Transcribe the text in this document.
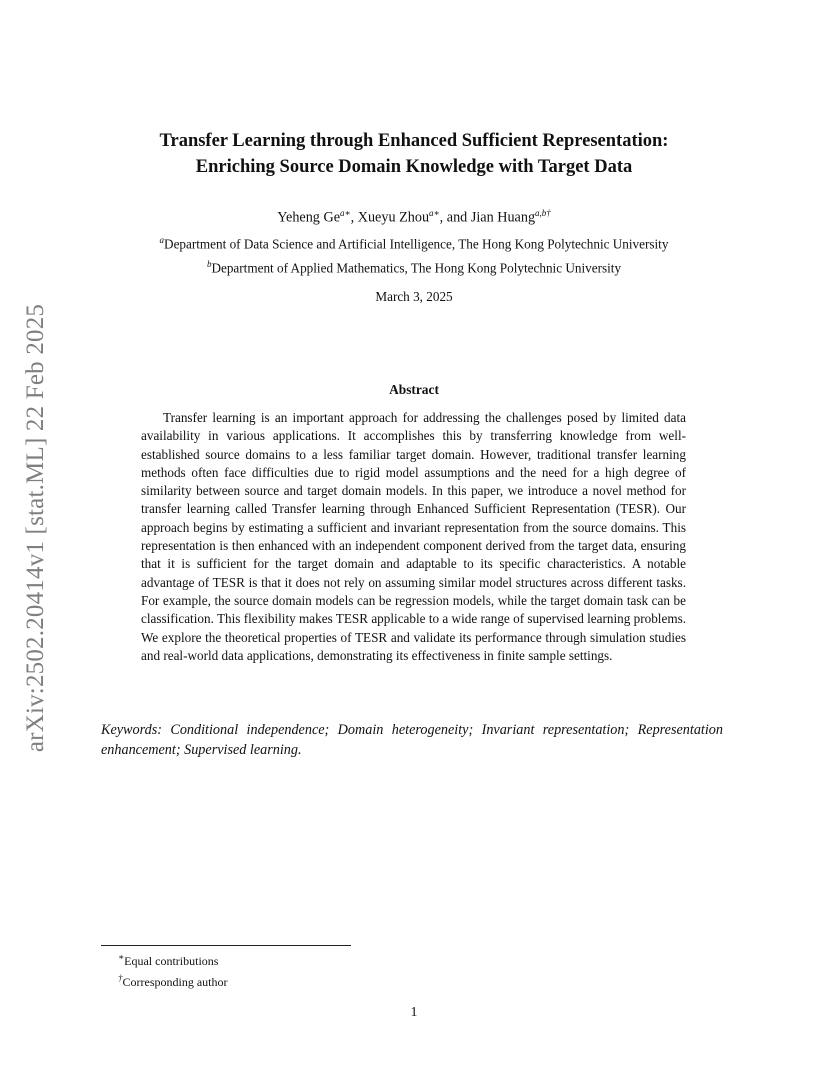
arXiv:2502.20414v1 [stat.ML] 22 Feb 2025
Transfer Learning through Enhanced Sufficient Representation:
Enriching Source Domain Knowledge with Target Data
Yeheng $Ge^{a∗}$, Xueyu Zhou$^{a∗}$, and Jian Huang$^{a,b\dagger}$
$^a$Department of Data Science and Artificial Intelligence, The Hong Kong Polytechnic University
$^b$Department of Applied Mathematics, The Hong Kong Polytechnic University
March 3, 2025
Abstract

Transfer learning is an important approach for addressing the challenges posed by limited data availability in various applications. It accomplishes this by transferring knowledge from well-established source domains to a less familiar target domain. However, traditional transfer learning methods often face difficulties due to rigid model assumptions and the need for a high degree of similarity between source and target domain models. In this paper, we introduce a novel method for transfer learning called Transfer learning through Enhanced Sufficient Representation (TESR). Our approach begins by estimating a sufficient and invariant representation from the source domains. This representation is then enhanced with an independent component derived from the target data, ensuring that it is sufficient for the target domain and adaptable to its specific characteristics. A notable advantage of TESR is that it does not rely on assuming similar model structures across different tasks. For example, the source domain models can be regression models, while the target domain task can be classification. This flexibility makes TESR applicable to a wide range of supervised learning problems. We explore the theoretical properties of TESR and validate its performance through simulation studies and real-world data applications, demonstrating its effectiveness in finite sample settings.

Keywords: Conditional independence; Domain heterogeneity; Invariant representation; Representation enhancement; Supervised learning.

∗Equal contributions
†Corresponding author
1
